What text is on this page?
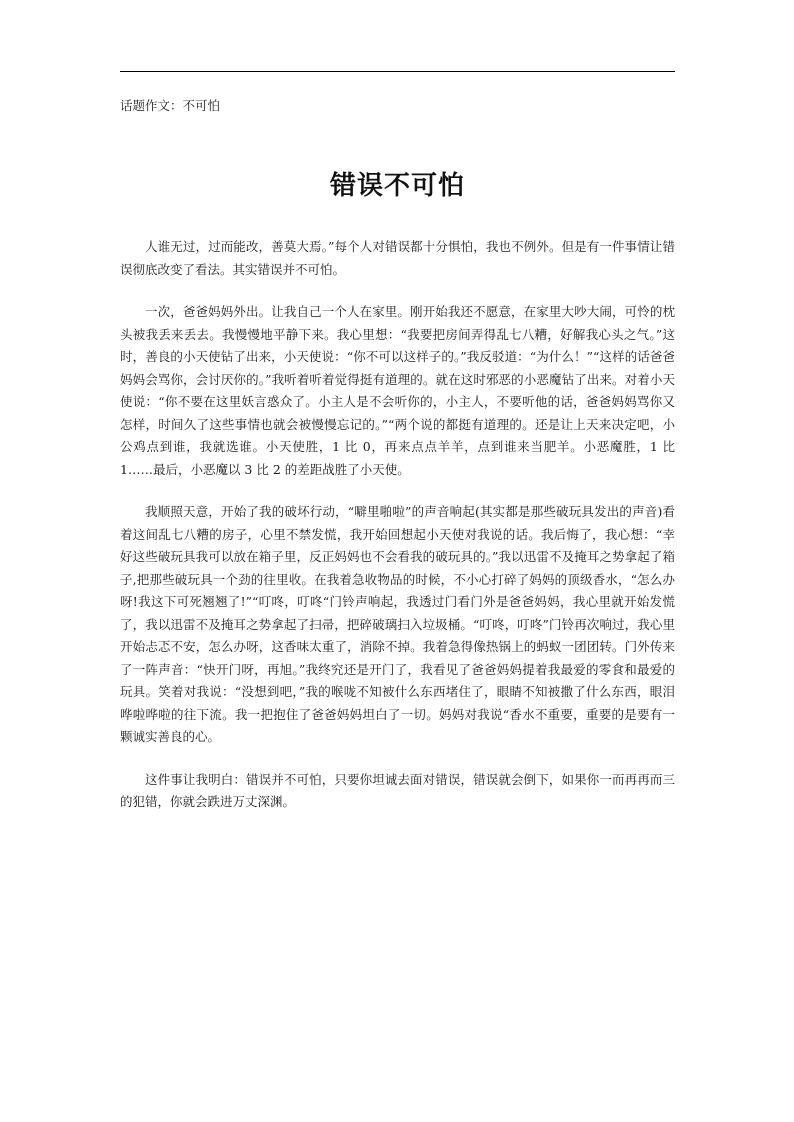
话题作文：不可怕
错误不可怕

人谁无过，过而能改，善莫大焉。”每个人对错误都十分惧怕，我也不例外。但是有一件事情让错误彻底改变了看法。其实错误并不可怕。

一次，爸爸妈妈外出。让我自己一个人在家里。刚开始我还不愿意，在家里大吵大闹，可怜的枕头被我丢来丢去。我慢慢地平静下来。我心里想：“我要把房间弄得乱七八糟，好解我心头之气。”这时，善良的小天使钻了出来，小天使说：“你不可以这样子的。”我反驳道：“为什么！”“这样的话爸爸妈妈会骂你，会讨厌你的。”我听着听着觉得挺有道理的。就在这时邪恶的小恶魔钻了出来。对着小天使说：“你不要在这里妖言惑众了。小主人是不会听你的，小主人，不要听他的话，爸爸妈妈骂你又怎样，时间久了这些事情也就会被慢慢忘记的。”“两个说的都挺有道理的。还是让上天来决定吧，小公鸡点到谁，我就选谁。小天使胜，1 比 0，再来点点羊羊，点到谁来当肥羊。小恶魔胜，1 比 1……最后，小恶魔以 3 比 2 的差距战胜了小天使。

我顺照天意，开始了我的破坏行动，“噼里啪啦”的声音响起(其实都是那些破玩具发出的声音)看着这间乱七八糟的房子，心里不禁发慌，我开始回想起小天使对我说的话。我后悔了，我心想：“幸好这些破玩具我可以放在箱子里，反正妈妈也不会看我的破玩具的。”我以迅雷不及掩耳之势拿起了箱子,把那些破玩具一个劲的往里收。在我着急收物品的时候，不小心打碎了妈妈的顶级香水，“怎么办呀!我这下可死翘翘了!”“叮咚，叮咚“门铃声响起，我透过门看门外是爸爸妈妈，我心里就开始发慌了，我以迅雷不及掩耳之势拿起了扫帚，把碎破璃扫入垃圾桶。“叮咚，叮咚”门铃再次响过，我心里开始忐忑不安，怎么办呀，这香味太重了，消除不掉。我着急得像热锅上的蚂蚁一团团转。门外传来了一阵声音：“快开门呀，再旭。”我终究还是开门了，我看见了爸爸妈妈提着我最爱的零食和最爱的玩具。笑着对我说：“没想到吧，”我的喉咙不知被什么东西堵住了，眼睛不知被撒了什么东西，眼泪哗啦哗啦的往下流。我一把抱住了爸爸妈妈坦白了一切。妈妈对我说“香水不重要，重要的是要有一颗诚实善良的心。

这件事让我明白：错误并不可怕，只要你坦诚去面对错误，错误就会倒下，如果你一而再再而三的犯错，你就会跌进万丈深渊。
